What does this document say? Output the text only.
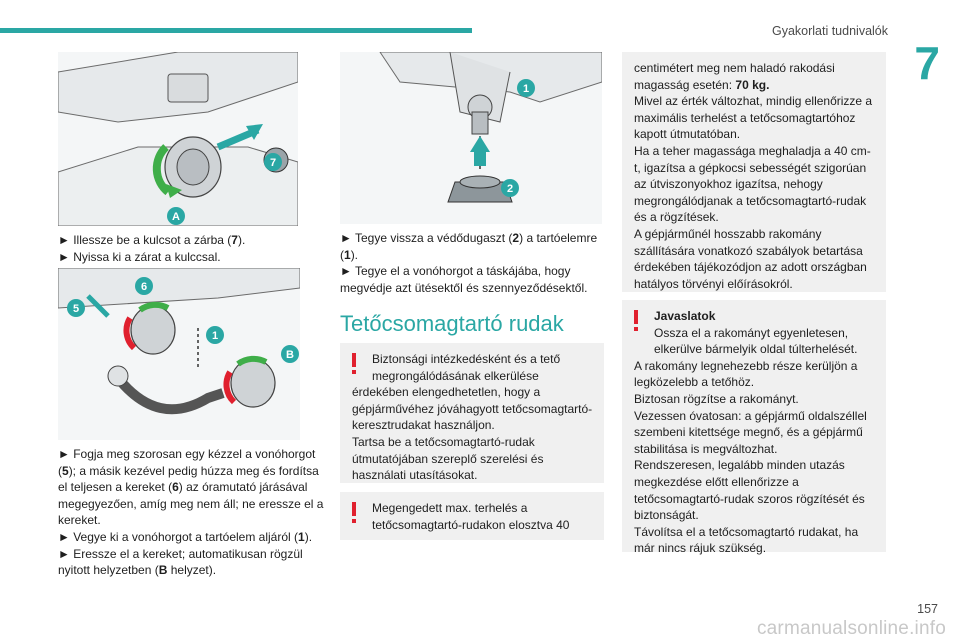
Gyakorlati tudnivalók
7
7
A

► Illessze be a kulcsot a zárba (7).

► Nyissa ki a zárat a kulccsal.

5
6
1
B

► Fogja meg szorosan egy kézzel a vonóhorgot (5); a másik kezével pedig húzza meg és fordítsa el teljesen a kereket (6) az óramutató járásával megegyezően, amíg meg nem áll; ne eressze el a kereket.

► Vegye ki a vonóhorgot a tartóelem aljáról (1).

► Eressze el a kereket; automatikusan rögzül nyitott helyzetben (B helyzet).

1
2

► Tegye vissza a védődugaszt (2) a tartóelemre (1).

► Tegye el a vonóhorgot a táskájába, hogy megvédje azt ütésektől és szennyeződésektől.

Tetőcsomagtartó rudak

Biztonsági intézkedésként és a tető megrongálódásának elkerülése
érdekében elengedhetetlen, hogy a gépjárművéhez jóváhagyott tetőcsomagtartó-keresztrudakat használjon.

Tartsa be a tetőcsomagtartó-rudak útmutatójában szereplő szerelési és használati utasításokat.

Megengedett max. terhelés a tetőcsomagtartó-rudakon elosztva 40

centimétert meg nem haladó rakodási magasság esetén: 70 kg.

Mivel az érték változhat, mindig ellenőrizze a maximális terhelést a tetőcsomagtartóhoz kapott útmutatóban.

Ha a teher magassága meghaladja a 40 cm-t, igazítsa a gépkocsi sebességét szigorúan az útviszonyokhoz igazítsa, nehogy megrongálódjanak a tetőcsomagtartó-rudak és a rögzítések.

A gépjárműnél hosszabb rakomány szállítására vonatkozó szabályok betartása érdekében tájékozódjon az adott országban hatályos törvényi előírásokról.

Javaslatok

Ossza el a rakományt egyenletesen, elkerülve bármelyik oldal túlterhelését.

A rakomány legnehezebb része kerüljön a legközelebb a tetőhöz.

Biztosan rögzítse a rakományt.

Vezessen óvatosan: a gépjármű oldalszéllel szembeni kitettsége megnő, és a gépjármű stabilitása is megváltozhat.

Rendszeresen, legalább minden utazás megkezdése előtt ellenőrizze a tetőcsomagtartó-rudak szoros rögzítését és biztonságát.

Távolítsa el a tetőcsomagtartó rudakat, ha már nincs rájuk szükség.

157
carmanualsonline.info
